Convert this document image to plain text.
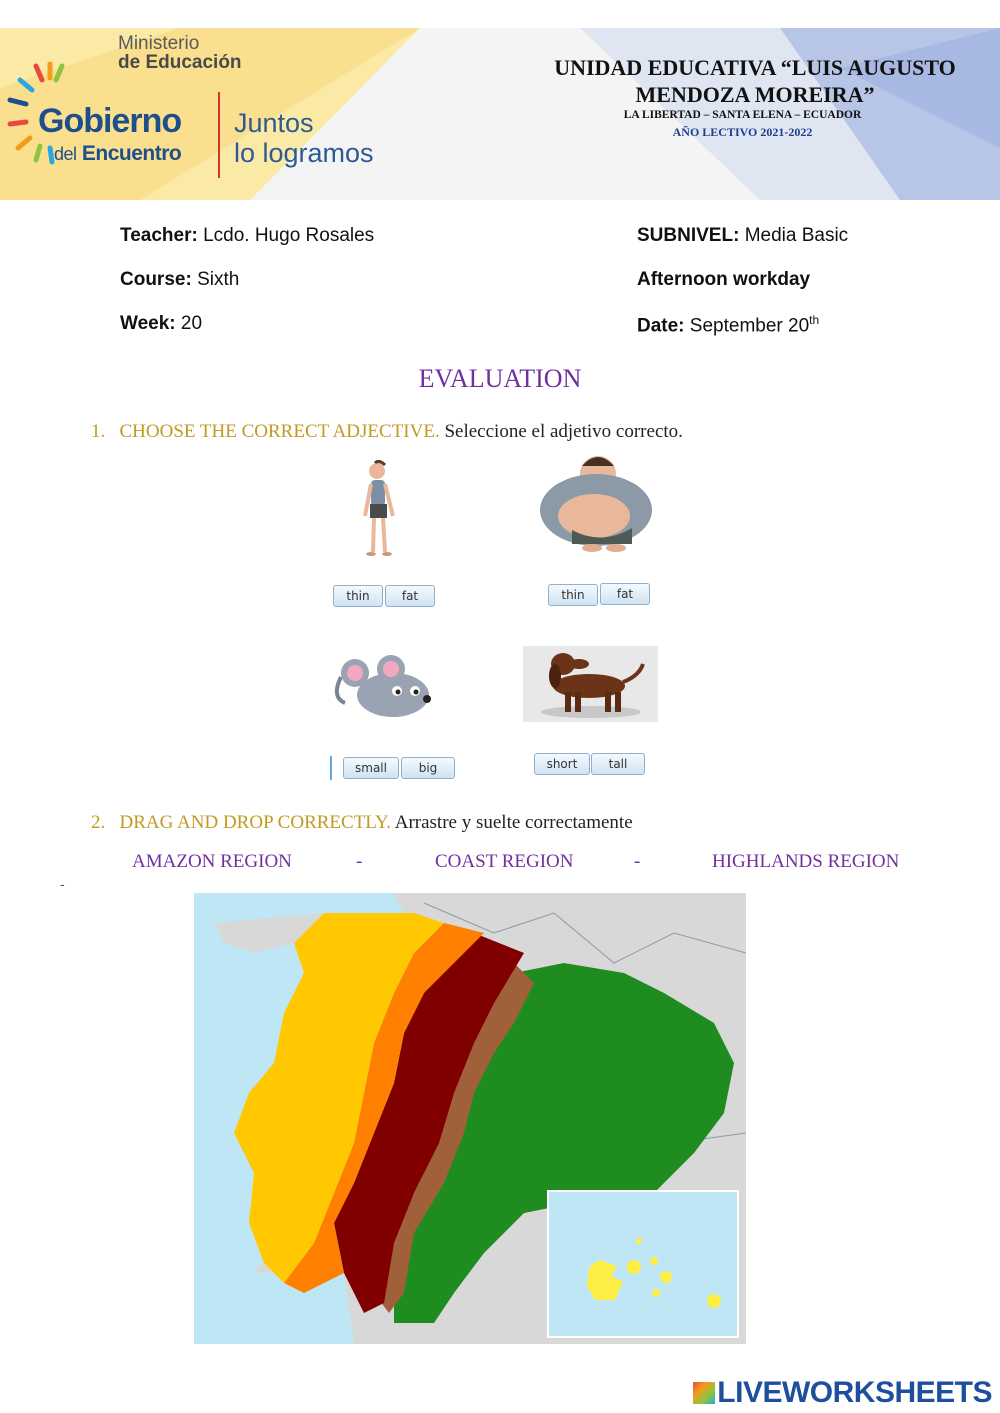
Ministerio
de Educación
Gobierno
del Encuentro
Juntos
lo logramos
UNIDAD EDUCATIVA “LUIS AUGUSTO
MENDOZA MOREIRA”
LA LIBERTAD – SANTA ELENA – ECUADOR
AÑO LECTIVO 2021-2022
Teacher: Lcdo. Hugo Rosales
Course: Sixth
Week: 20
SUBNIVEL: Media Basic
Afternoon workday
Date: September 20th
EVALUATION
1. CHOOSE THE CORRECT ADJECTIVE. Seleccione el adjetivo correcto.
thin	fat	thin	fat
small	big	short	tall
2. DRAG AND DROP CORRECTLY. Arrastre y suelte correctamente
AMAZON REGION	-	COAST REGION	-	HIGHLANDS REGION
-
LIVEWORKSHEETS
